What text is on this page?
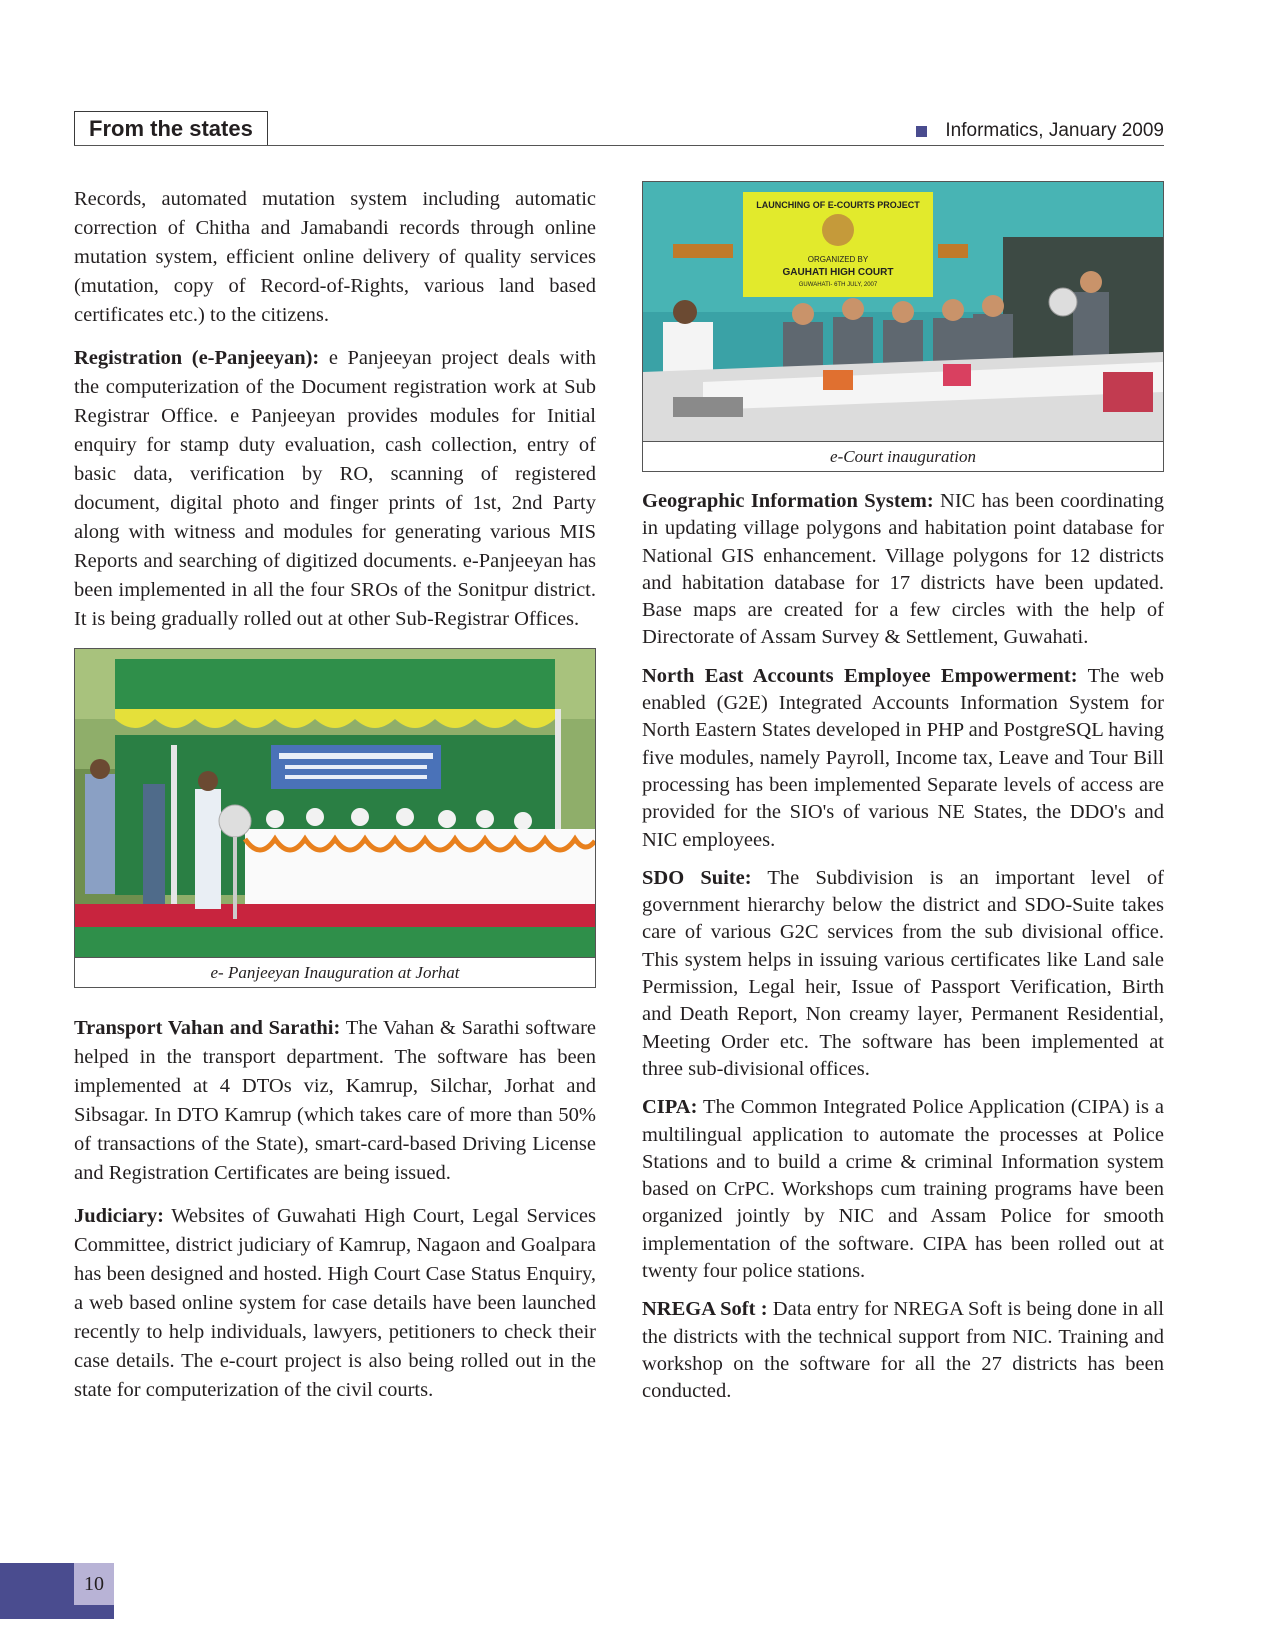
From the states	Informatics, January 2009

Records, automated mutation system including automatic correction of Chitha and Jamabandi records through online mutation system, efficient online delivery of quality services (mutation, copy of Record-of-Rights, various land based certificates etc.) to the citizens.

Registration (e-Panjeeyan): e Panjeeyan project deals with the computerization of the Document registration work at Sub Registrar Office. e Panjeeyan provides modules for Initial enquiry for stamp duty evaluation, cash collection, entry of basic data, verification by RO, scanning of registered document, digital photo and finger prints of 1st, 2nd Party along with witness and modules for generating various MIS Reports and searching of digitized documents. e-Panjeeyan has been implemented in all the four SROs of the Sonitpur district. It is being gradually rolled out at other Sub-Registrar Offices.

e- Panjeeyan Inauguration at Jorhat

Transport Vahan and Sarathi: The Vahan & Sarathi software helped in the transport department. The software has been implemented at 4 DTOs viz, Kamrup, Silchar, Jorhat and Sibsagar. In DTO Kamrup (which takes care of more than 50% of transactions of the State), smart-card-based Driving License and Registration Certificates are being issued.

Judiciary: Websites of Guwahati High Court, Legal Services Committee, district judiciary of Kamrup, Nagaon and Goalpara has been designed and hosted. High Court Case Status Enquiry, a web based online system for case details have been launched recently to help individuals, lawyers, petitioners to check their case details. The e-court project is also being rolled out in the state for computerization of the civil courts.

LAUNCHING OF E-COURTS PROJECT
ORGANIZED BY
GAUHATI HIGH COURT
GUWAHATI- 6TH JULY, 2007
e-Court inauguration

Geographic Information System: NIC has been coordinating in updating village polygons and habitation point database for National GIS enhancement. Village polygons for 12 districts and habitation database for 17 districts have been updated. Base maps are created for a few circles with the help of Directorate of Assam Survey & Settlement, Guwahati.

North East Accounts Employee Empowerment: The web enabled (G2E) Integrated Accounts Information System for North Eastern States developed in PHP and PostgreSQL having five modules, namely Payroll, Income tax, Leave and Tour Bill processing has been implemented Separate levels of access are provided for the SIO's of various NE States, the DDO's and NIC employees.

SDO Suite: The Subdivision is an important level of government hierarchy below the district and SDO-Suite takes care of various G2C services from the sub divisional office. This system helps in issuing various certificates like Land sale Permission, Legal heir, Issue of Passport Verification, Birth and Death Report, Non creamy layer, Permanent Residential, Meeting Order etc. The software has been implemented at three sub-divisional offices.

CIPA: The Common Integrated Police Application (CIPA) is a multilingual application to automate the processes at Police Stations and to build a crime & criminal Information system based on CrPC. Workshops cum training programs have been organized jointly by NIC and Assam Police for smooth implementation of the software. CIPA has been rolled out at twenty four police stations.

NREGA Soft : Data entry for NREGA Soft is being done in all the districts with the technical support from NIC. Training and workshop on the software for all the 27 districts has been conducted.

10
